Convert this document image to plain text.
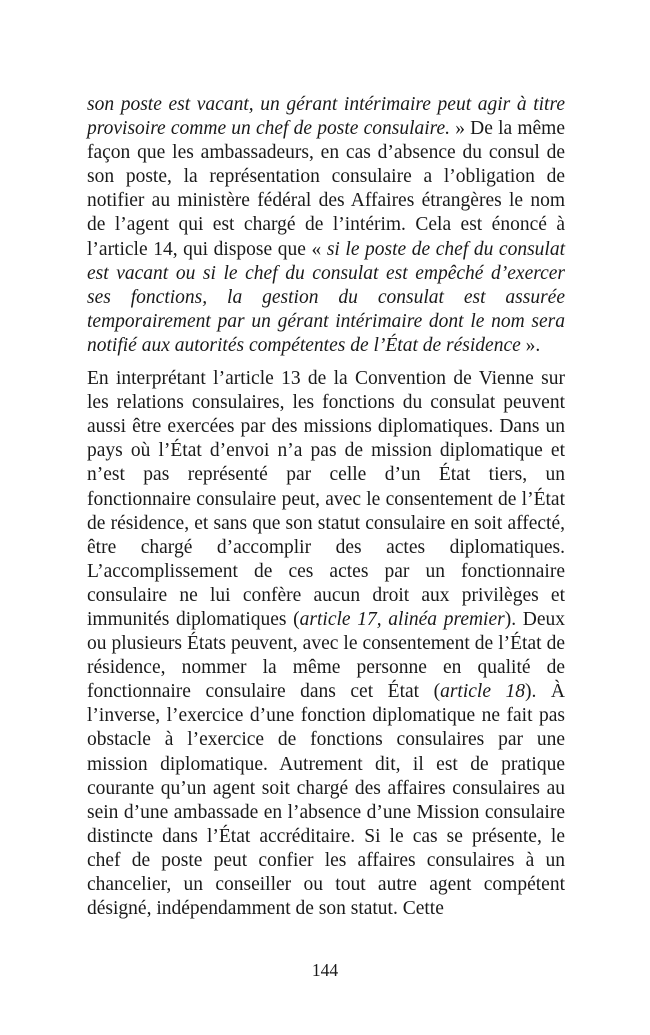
son poste est vacant, un gérant intérimaire peut agir à titre provisoire comme un chef de poste consulaire. » De la même façon que les ambassadeurs, en cas d’absence du consul de son poste, la représentation consulaire a l’obligation de notifier au ministère fédéral des Affaires étrangères le nom de l’agent qui est chargé de l’intérim. Cela est énoncé à l’article 14, qui dispose que « si le poste de chef du consulat est vacant ou si le chef du consulat est empêché d’exercer ses fonctions, la gestion du consulat est assurée temporairement par un gérant intérimaire dont le nom sera notifié aux autorités compétentes de l’État de résidence ».

En interprétant l’article 13 de la Convention de Vienne sur les relations consulaires, les fonctions du consulat peuvent aussi être exercées par des missions diplomatiques. Dans un pays où l’État d’envoi n’a pas de mission diplomatique et n’est pas représenté par celle d’un État tiers, un fonctionnaire consulaire peut, avec le consentement de l’État de résidence, et sans que son statut consulaire en soit affecté, être chargé d’accomplir des actes diplomatiques. L’accomplissement de ces actes par un fonctionnaire consulaire ne lui confère aucun droit aux privilèges et immunités diplomatiques (article 17, alinéa premier). Deux ou plusieurs États peuvent, avec le consentement de l’État de résidence, nommer la même personne en qualité de fonctionnaire consulaire dans cet État (article 18). À l’inverse, l’exercice d’une fonction diplomatique ne fait pas obstacle à l’exercice de fonctions consulaires par une mission diplomatique. Autrement dit, il est de pratique courante qu’un agent soit chargé des affaires consulaires au sein d’une ambassade en l’absence d’une Mission consulaire distincte dans l’État accréditaire. Si le cas se présente, le chef de poste peut confier les affaires consulaires à un chancelier, un conseiller ou tout autre agent compétent désigné, indépendamment de son statut. Cette

144
